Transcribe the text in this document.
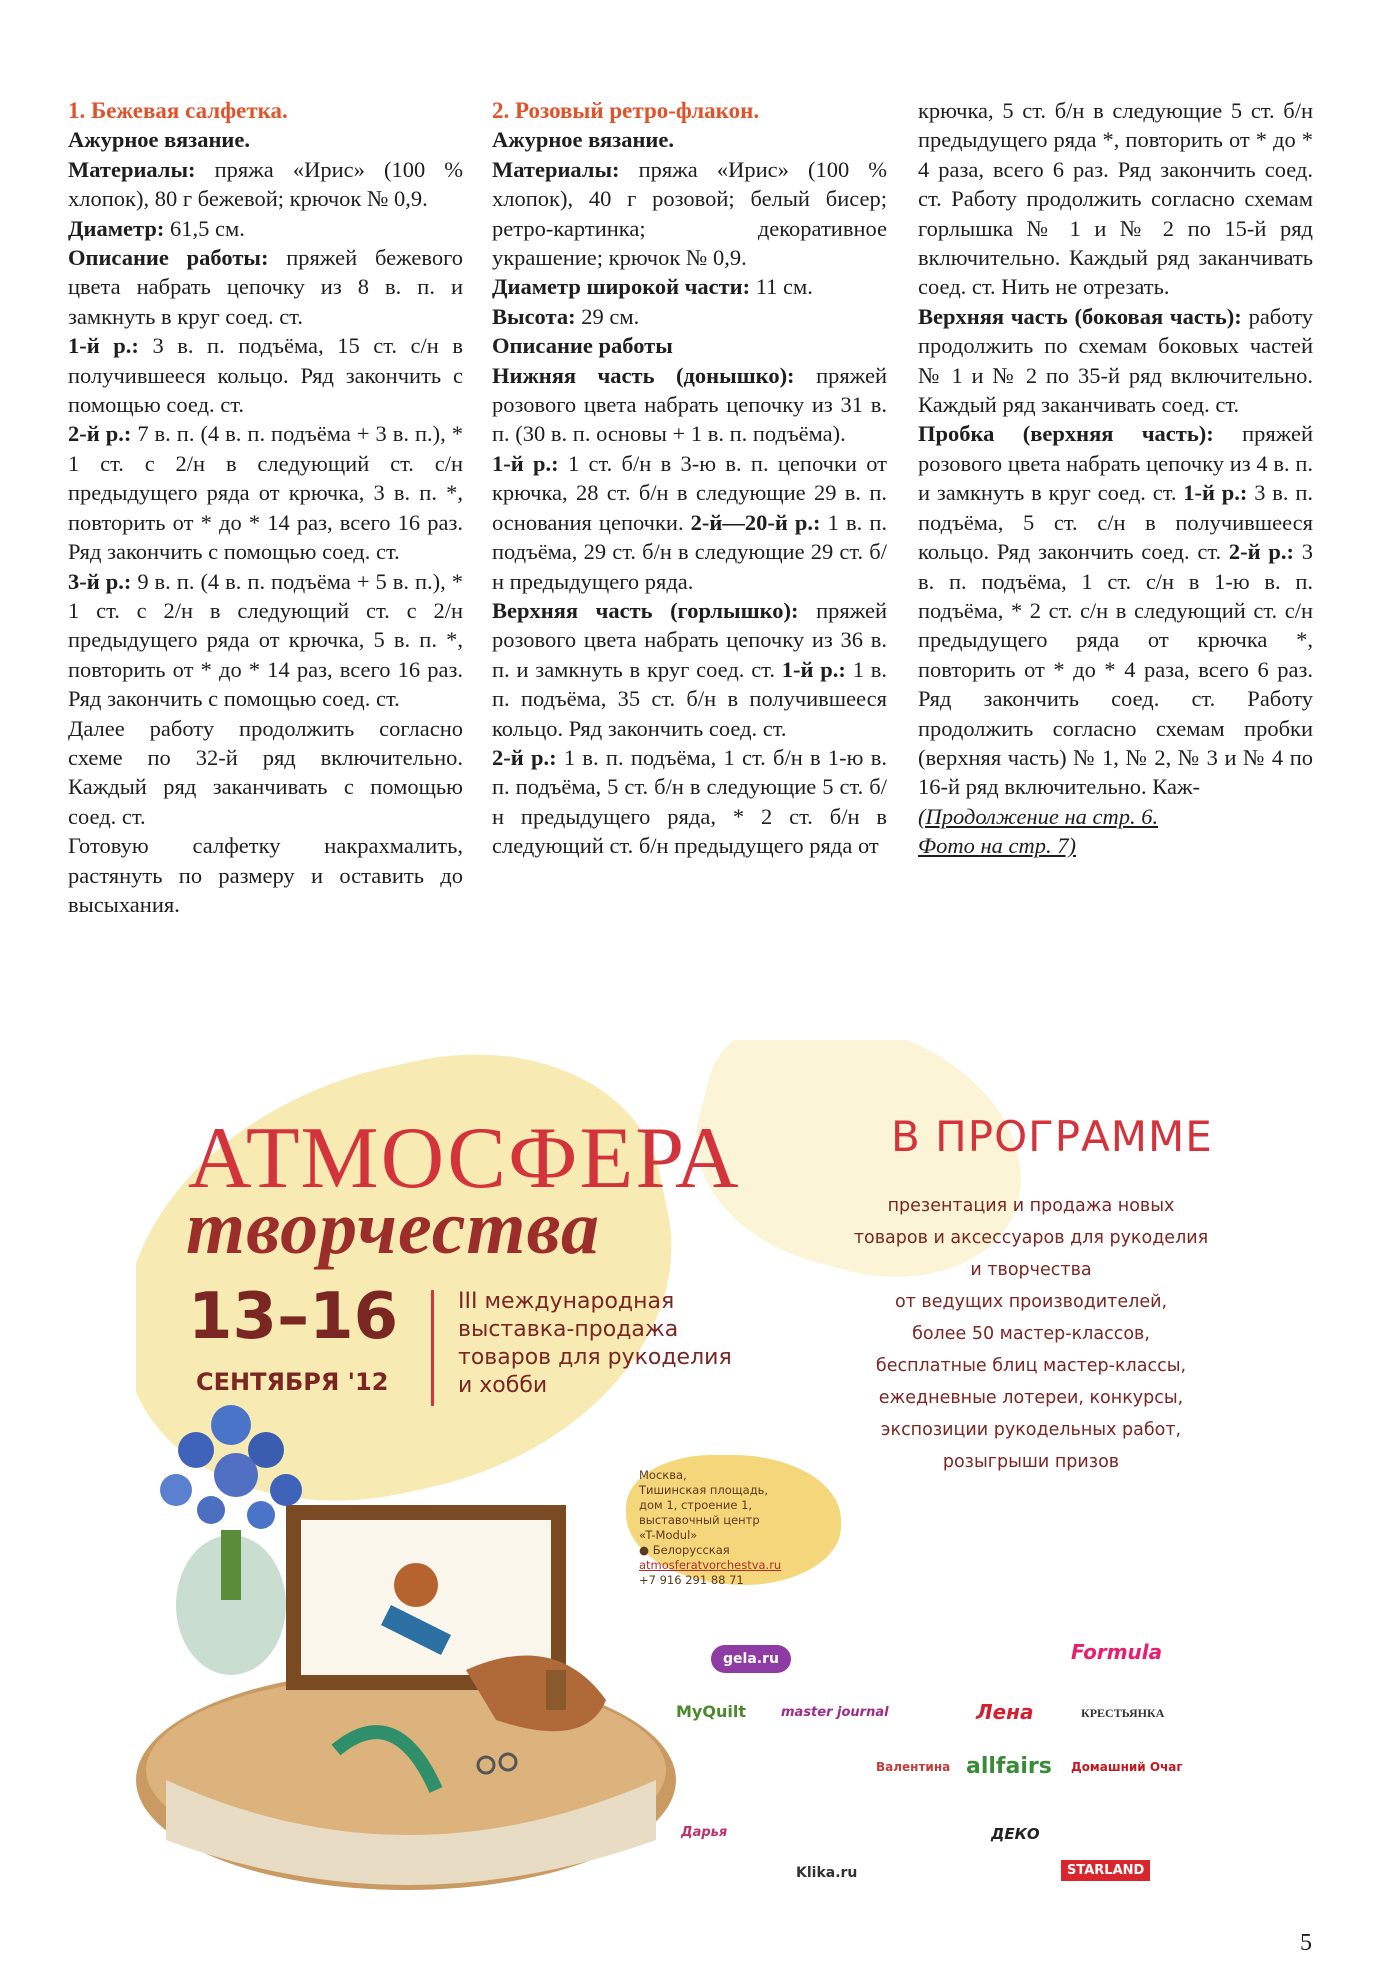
1. Бежевая салфетка.

Ажурное вязание.

Материалы: пряжа «Ирис» (100 % хлопок), 80 г бежевой; крючок № 0,9.

Диаметр: 61,5 см.

Описание работы: пряжей бежевого цвета набрать цепочку из 8 в. п. и замкнуть в круг соед. ст.

1-й р.: 3 в. п. подъёма, 15 ст. с/н в получившееся кольцо. Ряд закончить с помощью соед. ст.

2-й р.: 7 в. п. (4 в. п. подъёма + 3 в. п.), * 1 ст. с 2/н в следующий ст. с/н предыдущего ряда от крючка, 3 в. п. *, повторить от * до * 14 раз, всего 16 раз. Ряд закончить с помощью соед. ст.

3-й р.: 9 в. п. (4 в. п. подъёма + 5 в. п.), * 1 ст. с 2/н в следующий ст. с 2/н предыдущего ряда от крючка, 5 в. п. *, повторить от * до * 14 раз, всего 16 раз. Ряд закончить с помощью соед. ст.

Далее работу продолжить согласно схеме по 32-й ряд включительно. Каждый ряд заканчивать с помощью соед. ст.

Готовую салфетку накрахмалить, растянуть по размеру и оставить до высыхания.

2. Розовый ретро-флакон.

Ажурное вязание.

Материалы: пряжа «Ирис» (100 % хлопок), 40 г розовой; белый бисер; ретро-картинка; декоративное украшение; крючок № 0,9.

Диаметр широкой части: 11 см.

Высота: 29 см.

Описание работы

Нижняя часть (донышко): пряжей розового цвета набрать цепочку из 31 в. п. (30 в. п. основы + 1 в. п. подъёма).

1-й р.: 1 ст. б/н в 3-ю в. п. цепочки от крючка, 28 ст. б/н в следующие 29 в. п. основания цепочки. 2-й—20-й р.: 1 в. п. подъёма, 29 ст. б/н в следующие 29 ст. б/н предыдущего ряда.

Верхняя часть (горлышко): пряжей розового цвета набрать цепочку из 36 в. п. и замкнуть в круг соед. ст. 1-й р.: 1 в. п. подъёма, 35 ст. б/н в получившееся кольцо. Ряд закончить соед. ст.

2-й р.: 1 в. п. подъёма, 1 ст. б/н в 1-ю в. п. подъёма, 5 ст. б/н в следующие 5 ст. б/н предыдущего ряда, * 2 ст. б/н в следующий ст. б/н предыдущего ряда от

крючка, 5 ст. б/н в следующие 5 ст. б/н предыдущего ряда *, повторить от * до * 4 раза, всего 6 раз. Ряд закончить соед. ст. Работу продолжить согласно схемам горлышка № 1 и № 2 по 15-й ряд включительно. Каждый ряд заканчивать соед. ст. Нить не отрезать.

Верхняя часть (боковая часть): работу продолжить по схемам боковых частей № 1 и № 2 по 35-й ряд включительно. Каждый ряд заканчивать соед. ст.

Пробка (верхняя часть): пряжей розового цвета набрать цепочку из 4 в. п. и замкнуть в круг соед. ст. 1-й р.: 3 в. п. подъёма, 5 ст. с/н в получившееся кольцо. Ряд закончить соед. ст. 2-й р.: 3 в. п. подъёма, 1 ст. с/н в 1-ю в. п. подъёма, * 2 ст. с/н в следующий ст. с/н предыдущего ряда от крючка *, повторить от * до * 4 раза, всего 6 раз. Ряд закончить соед. ст. Работу продолжить согласно схемам пробки (верхняя часть) № 1, № 2, № 3 и № 4 по 16-й ряд включительно. Каж-

(Продолжение на стр. 6.

Фото на стр. 7)

АТМОСФЕРА
творчества
13–16
СЕНТЯБРЯ '12
III международная
выставка-продажа
товаров для рукоделия
и хобби
В ПРОГРАММЕ
презентация и продажа новых
товаров и аксессуаров для рукоделия
и творчества
от ведущих производителей,
более 50 мастер-классов,
бесплатные блиц мастер-классы,
ежедневные лотереи, конкурсы,
экспозиции рукодельных работ,
розыгрыши призов
Москва,
Тишинская площадь,
дом 1, строение 1,
выставочный центр
«T-Modul»
● Белорусская
atmosferatvorchestva.ru
+7 916 291 88 71
gela.ru	Formula
MyQuilt	master journal	Лена	КРЕСТЬЯНКА
Валентина allfairs Домашний Очаг
ДЕКО
STARLAND
Дарья
Klika.ru
5
